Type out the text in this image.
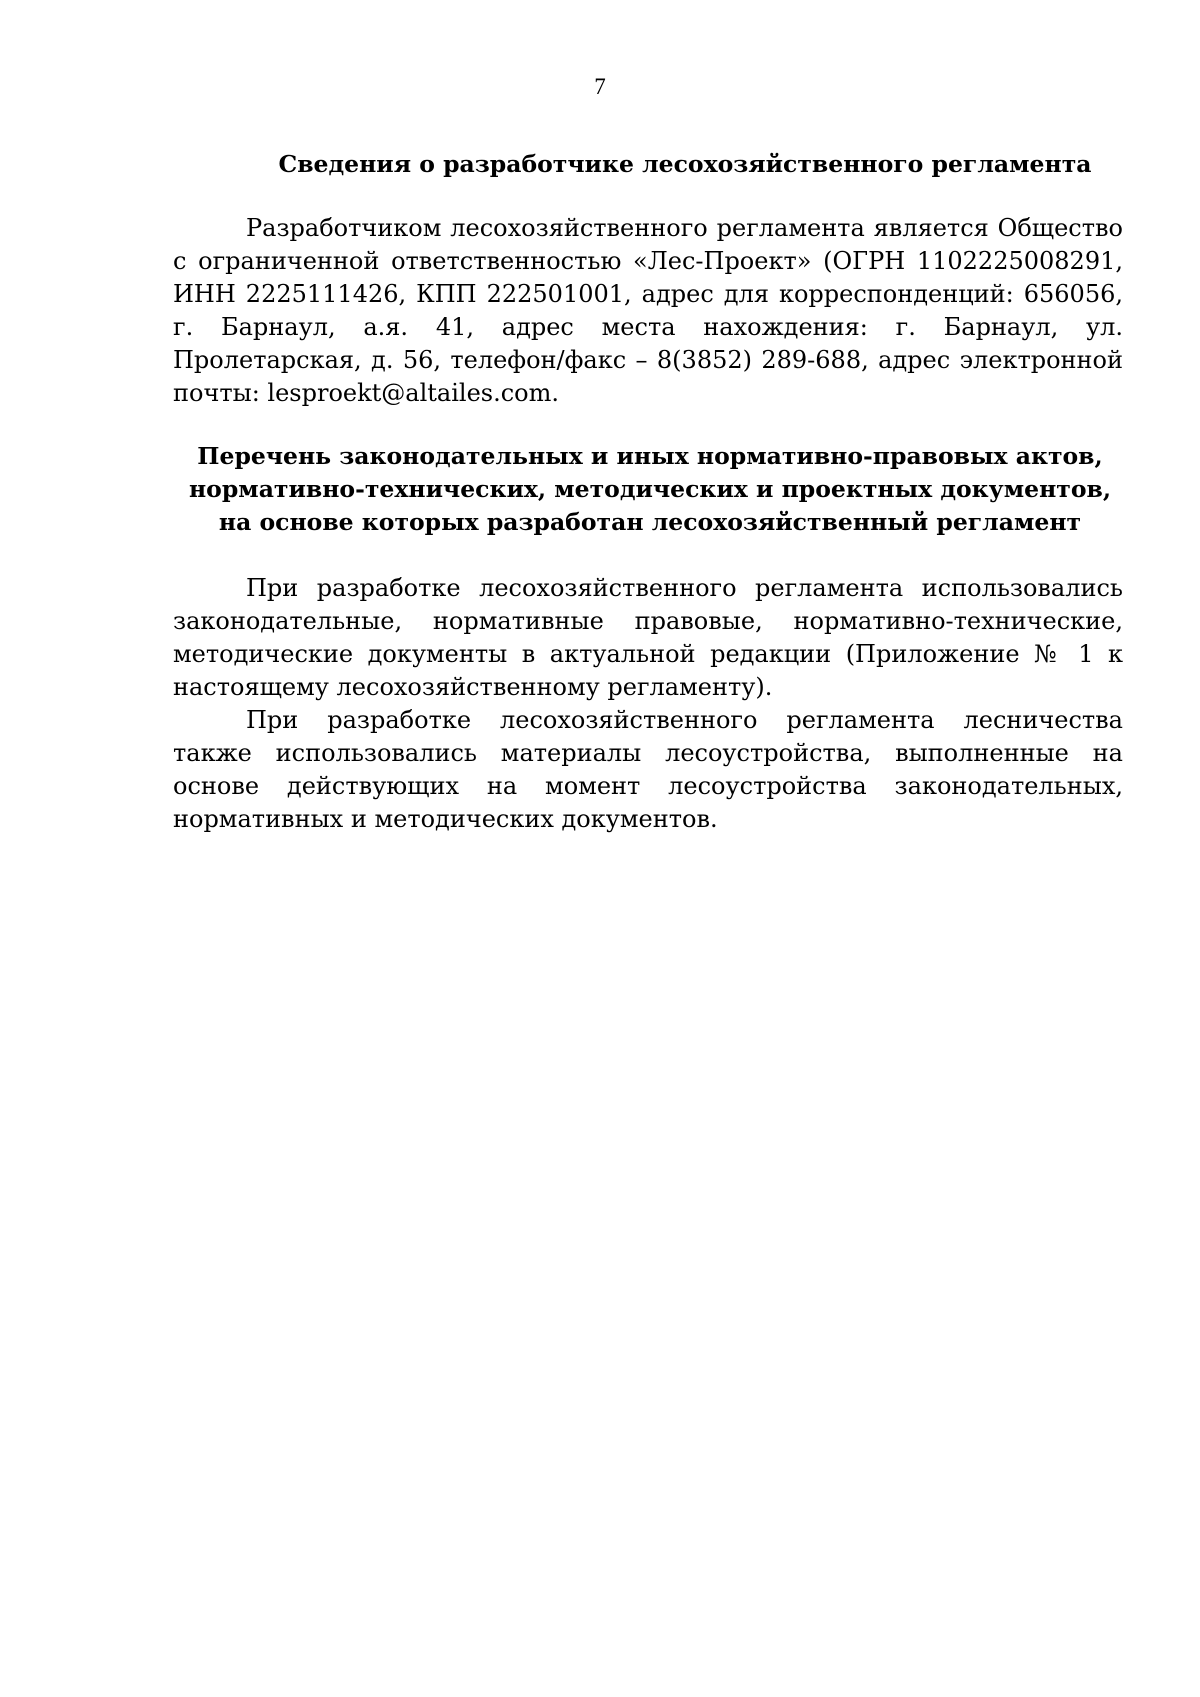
7
Сведения о разработчике лесохозяйственного регламента

Разработчиком лесохозяйственного регламента является Общество с ограниченной ответственностью «Лес-Проект» (ОГРН 1102225008291, ИНН 2225111426, КПП 222501001, адрес для корреспонденций: 656056, г. Барнаул, а.я. 41, адрес места нахождения: г. Барнаул, ул. Пролетарская, д. 56, телефон/факс – 8(3852) 289-688, адрес электронной почты: lesproekt@altailes.com.

Перечень законодательных и иных нормативно-правовых актов, нормативно-технических, методических и проектных документов, на основе которых разработан лесохозяйственный регламент

При разработке лесохозяйственного регламента использовались законодательные, нормативные правовые, нормативно-технические, методические документы в актуальной редакции (Приложение № 1 к настоящему лесохозяйственному регламенту).

При разработке лесохозяйственного регламента лесничества также использовались материалы лесоустройства, выполненные на основе действующих на момент лесоустройства законодательных, нормативных и методических документов.
